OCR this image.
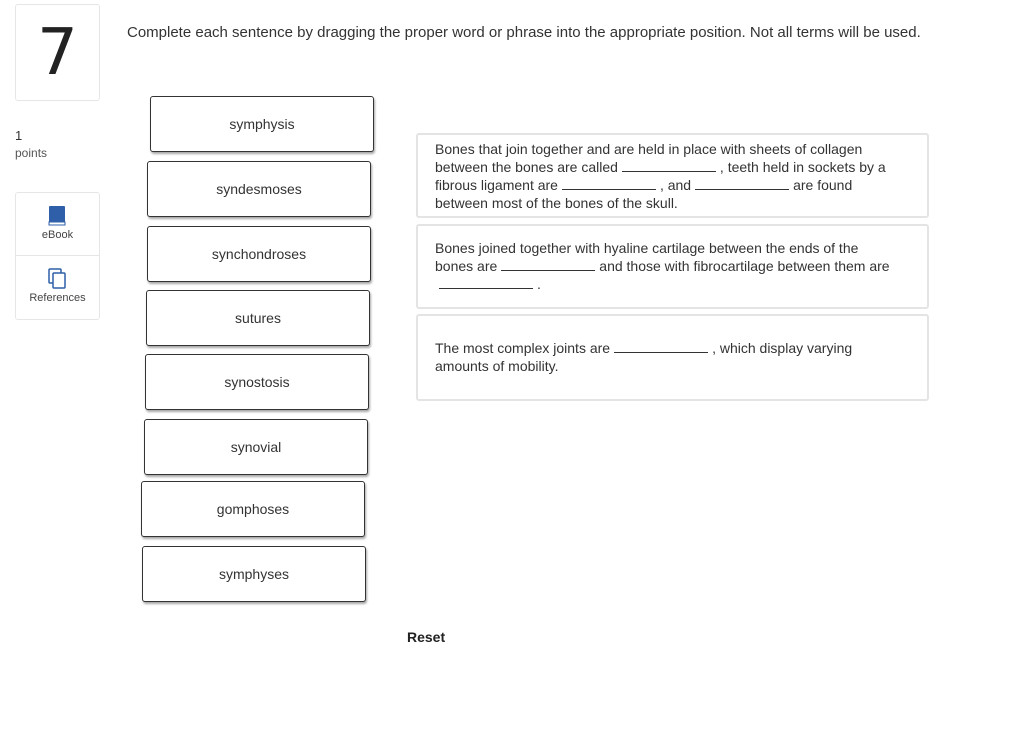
7
1
points
eBook
References
Complete each sentence by dragging the proper word or phrase into the appropriate position. Not all terms will be used.
symphysis
syndesmoses
synchondroses
sutures
synostosis
synovial
gomphoses
symphyses
Bones that join together and are held in place with sheets of collagen between the bones are called	, teeth held in sockets by a fibrous ligament are	, and	are found between most of the bones of the skull.
Bones joined together with hyaline cartilage between the ends of the bones are	and those with fibrocartilage between them are.
The most complex joints are	, which display varying amounts of mobility.
Reset
